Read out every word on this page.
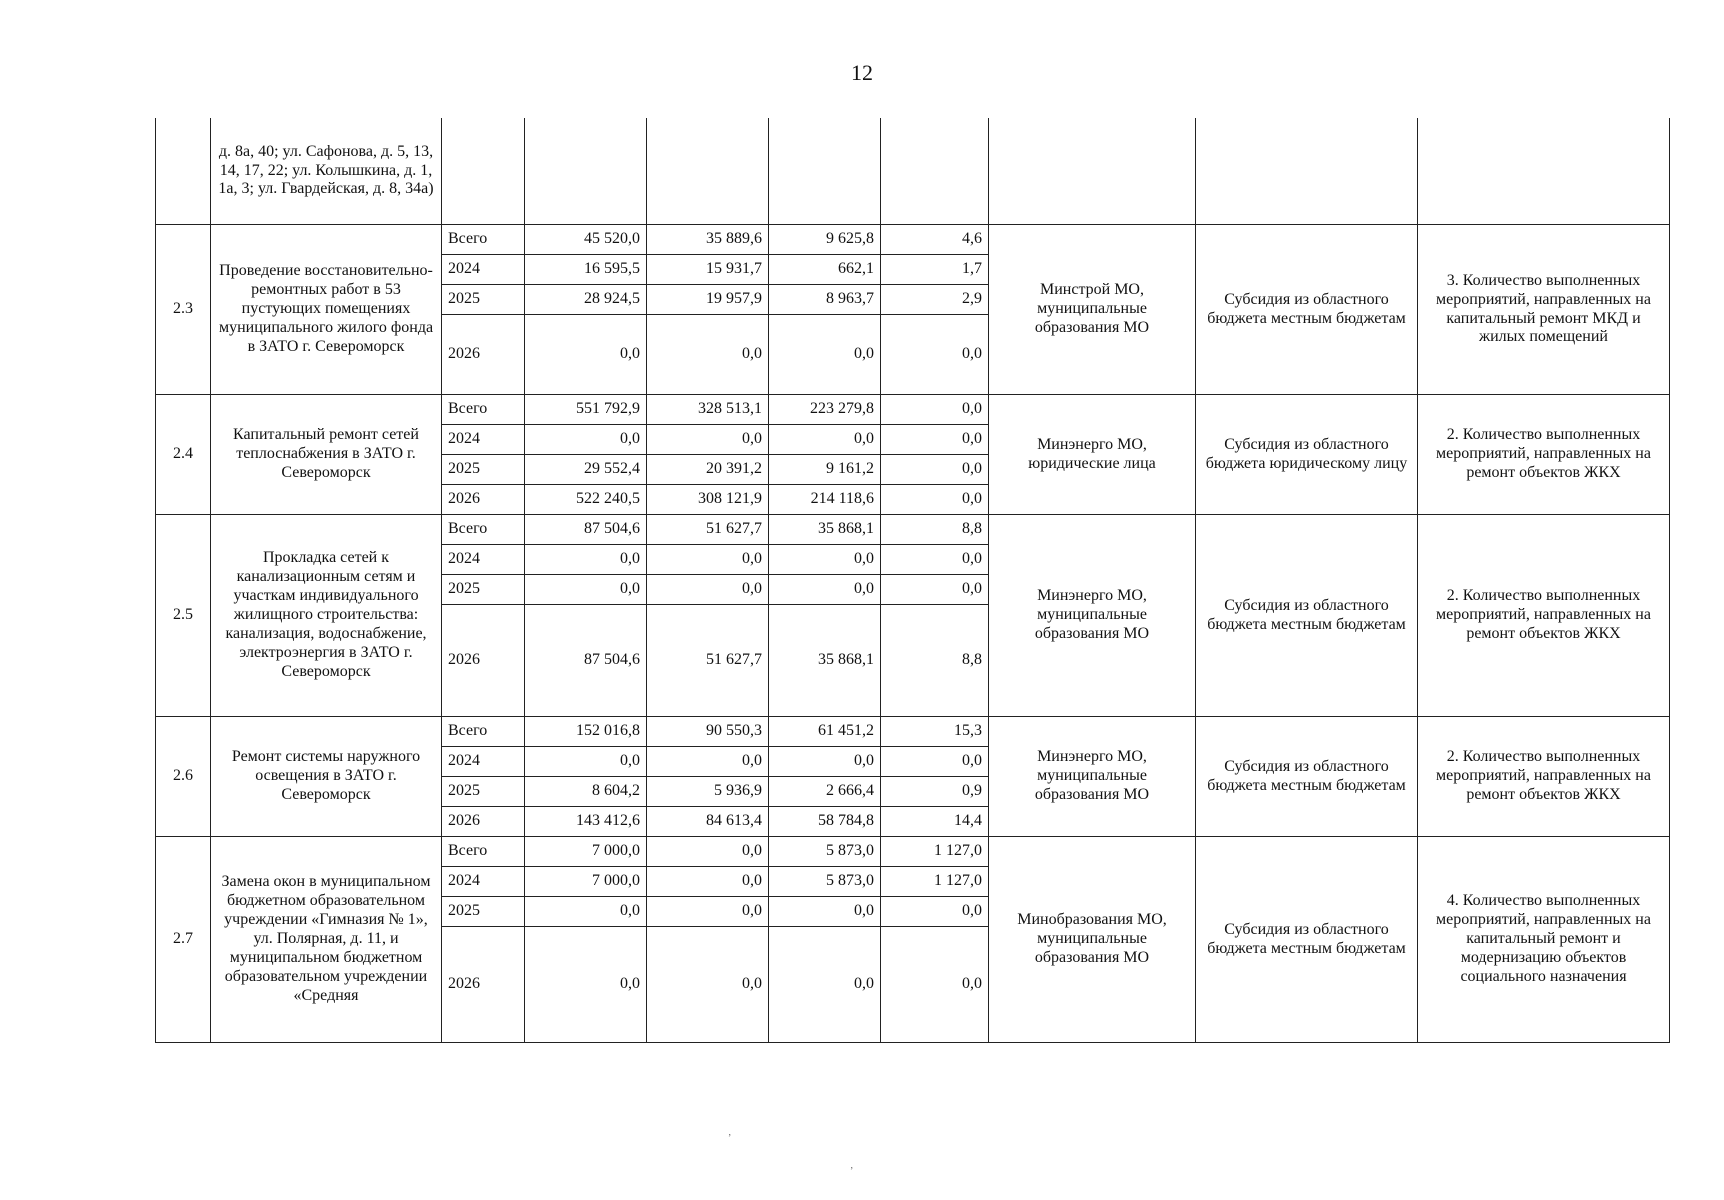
12
	д. 8а, 40; ул. Сафонова, д. 5, 13, 14, 17, 22; ул. Колышкина, д. 1, 1а, 3; ул. Гвардейская, д. 8, 34а)								
2.3	Проведение восстановительно-ремонтных работ в 53 пустующих помещениях муниципального жилого фонда в ЗАТО г. Североморск	Всего	45 520,0	35 889,6	9 625,8	4,6	Минстрой МО, муниципальные образования МО	Субсидия из областного бюджета местным бюджетам	3. Количество выполненных мероприятий, направленных на капитальный ремонт МКД и жилых помещений
		2024	16 595,5	15 931,7	662,1	1,7			
		2025	28 924,5	19 957,9	8 963,7	2,9			
		2026	0,0	0,0	0,0	0,0			
2.4	Капитальный ремонт сетей теплоснабжения в ЗАТО г. Североморск	Всего	551 792,9	328 513,1	223 279,8	0,0	Минэнерго МО, юридические лица	Субсидия из областного бюджета юридическому лицу	2. Количество выполненных мероприятий, направленных на ремонт объектов ЖКХ
		2024	0,0	0,0	0,0	0,0			
		2025	29 552,4	20 391,2	9 161,2	0,0			
		2026	522 240,5	308 121,9	214 118,6	0,0			
2.5	Прокладка сетей к канализационным сетям и участкам индивидуального жилищного строительства: канализация, водоснабжение, электроэнергия в ЗАТО г. Североморск	Всего	87 504,6	51 627,7	35 868,1	8,8	Минэнерго МО, муниципальные образования МО	Субсидия из областного бюджета местным бюджетам	2. Количество выполненных мероприятий, направленных на ремонт объектов ЖКХ
		2024	0,0	0,0	0,0	0,0			
		2025	0,0	0,0	0,0	0,0			
		2026	87 504,6	51 627,7	35 868,1	8,8			
2.6	Ремонт системы наружного освещения в ЗАТО г. Североморск	Всего	152 016,8	90 550,3	61 451,2	15,3	Минэнерго МО, муниципальные образования МО	Субсидия из областного бюджета местным бюджетам	2. Количество выполненных мероприятий, направленных на ремонт объектов ЖКХ
		2024	0,0	0,0	0,0	0,0			
		2025	8 604,2	5 936,9	2 666,4	0,9			
		2026	143 412,6	84 613,4	58 784,8	14,4			
2.7	Замена окон в муниципальном бюджетном образовательном учреждении «Гимназия № 1», ул. Полярная, д. 11, и муниципальном бюджетном образовательном учреждении «Средняя	Всего	7 000,0	0,0	5 873,0	1 127,0	Минобразования МО, муниципальные образования МО	Субсидия из областного бюджета местным бюджетам	4. Количество выполненных мероприятий, направленных на капитальный ремонт и модернизацию объектов социального назначения
		2024	7 000,0	0,0	5 873,0	1 127,0			
		2025	0,0	0,0	0,0	0,0			
		2026	0,0	0,0	0,0	0,0			
’
’
